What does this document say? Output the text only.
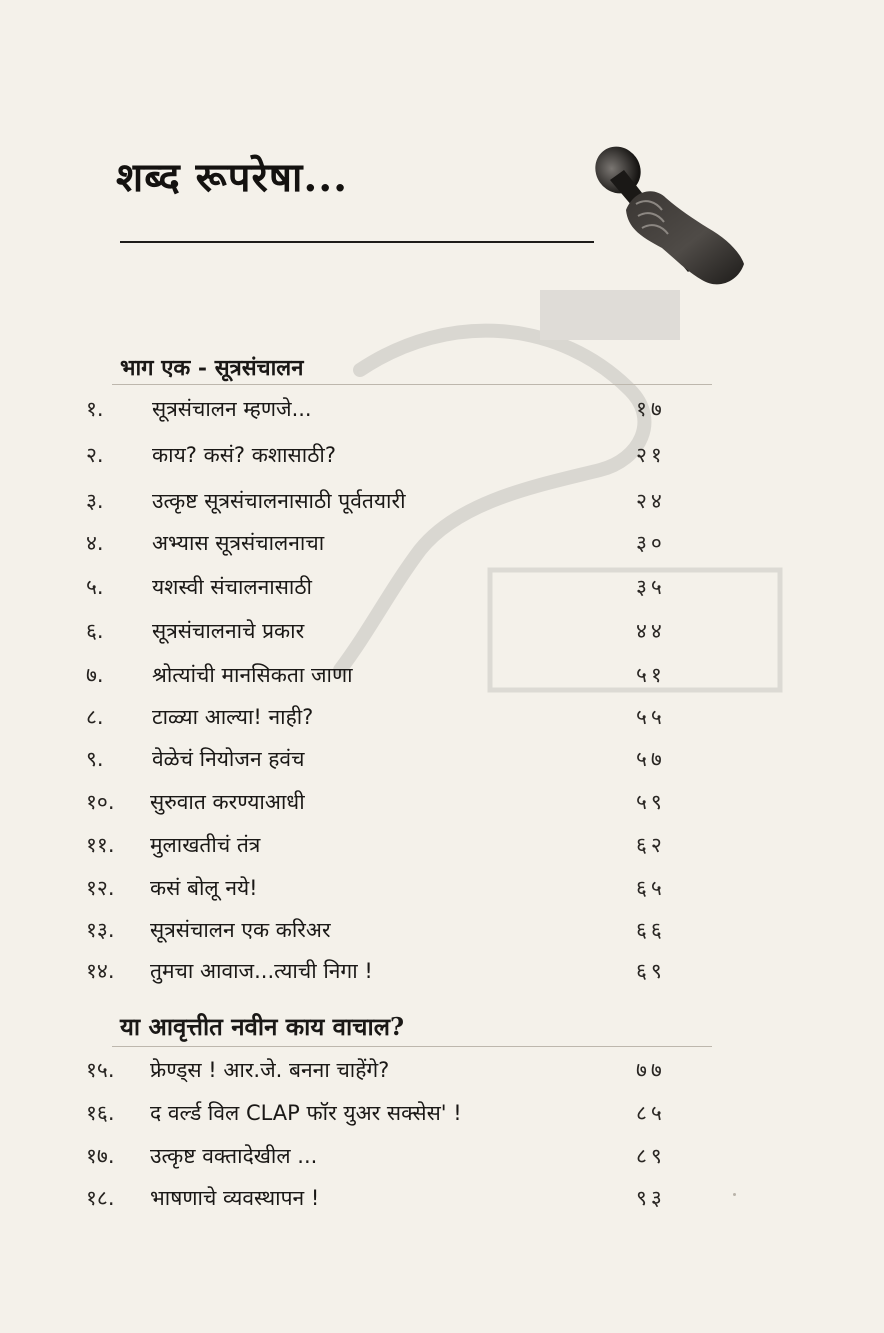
शब्द रूपरेषा...
भाग एक - सूत्रसंचालन
१. सूत्रसंचालन म्हणजे...	१७
२. काय? कसं? कशासाठी?	२१
३. उत्कृष्ट सूत्रसंचालनासाठी पूर्वतयारी	२४
४. अभ्यास सूत्रसंचालनाचा	३०
५. यशस्वी संचालनासाठी	३५
६. सूत्रसंचालनाचे प्रकार	४४
७. श्रोत्यांची मानसिकता जाणा	५१
८. टाळ्या आल्या! नाही?	५५
९. वेळेचं नियोजन हवंच	५७
१०. सुरुवात करण्याआधी	५९
११. मुलाखतीचं तंत्र	६२
१२. कसं बोलू नये!	६५
१३. सूत्रसंचालन एक करिअर	६६
१४. तुमचा आवाज...त्याची निगा !	६९
या आवृत्तीत नवीन काय वाचाल?
१५. फ्रेण्ड्स ! आर.जे. बनना चाहेंगे?	७७
१६. द वर्ल्ड विल CLAP फॉर युअर सक्सेस' !	८५
१७. उत्कृष्ट वक्तादेखील ...	८९
१८. भाषणाचे व्यवस्थापन !	९३
